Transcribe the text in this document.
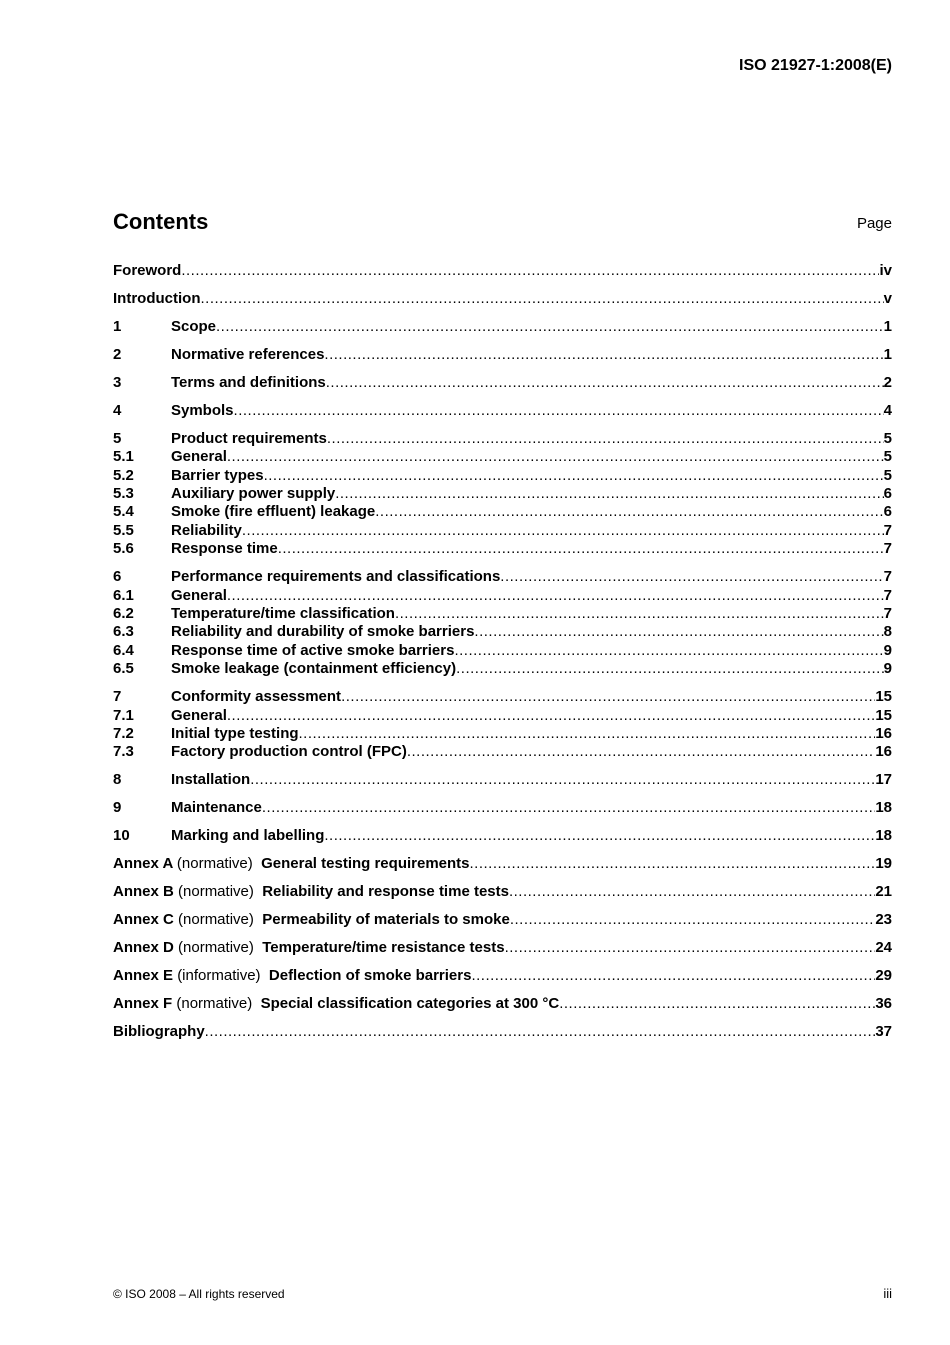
ISO 21927-1:2008(E)
Contents	Page
Foreword .....	iv
Introduction .....	v
1	Scope .....	1
2	Normative references .....	1
3	Terms and definitions .....	2
4	Symbols .....	4
5	Product requirements .....	5
5.1	General .....	5
5.2	Barrier types .....	5
5.3	Auxiliary power supply .....	6
5.4	Smoke (fire effluent) leakage .....	6
5.5	Reliability .....	7
5.6	Response time .....	7
6	Performance requirements and classifications .....	7
6.1	General .....	7
6.2	Temperature/time classification .....	7
6.3	Reliability and durability of smoke barriers .....	8
6.4	Response time of active smoke barriers .....	9
6.5	Smoke leakage (containment efficiency) .....	9
7	Conformity assessment .....	15
7.1	General .....	15
7.2	Initial type testing .....	16
7.3	Factory production control (FPC) .....	16
8	Installation .....	17
9	Maintenance .....	18
10	Marking and labelling .....	18
Annex A (normative) General testing requirements .....	19
Annex B (normative) Reliability and response time tests .....	21
Annex C (normative) Permeability of materials to smoke .....	23
Annex D (normative) Temperature/time resistance tests .....	24
Annex E (informative) Deflection of smoke barriers .....	29
Annex F (normative) Special classification categories at 300 °C .....	36
Bibliography .....	37
© ISO 2008 – All rights reserved	iii
